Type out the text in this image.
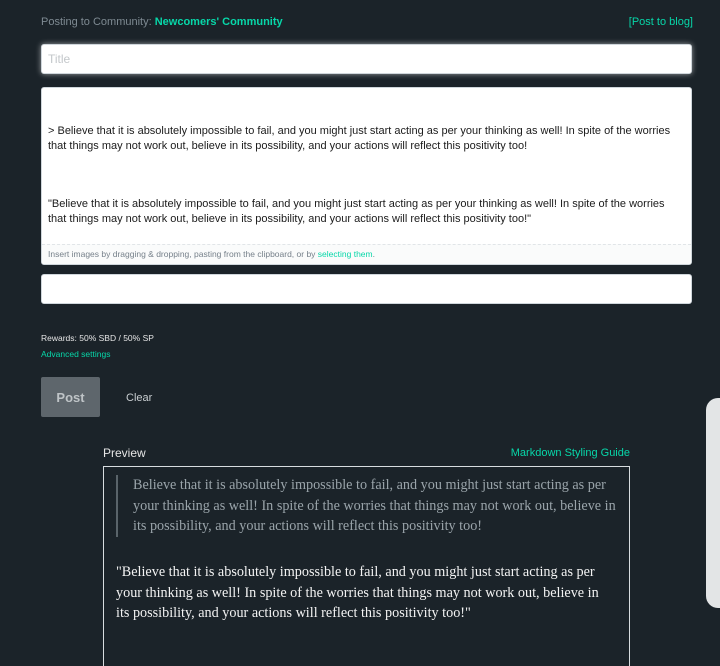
Posting to Community: Newcomers' Community	[Post to blog]
Title

> Believe that it is absolutely impossible to fail, and you might just start acting as per your thinking as well! In spite of the worries that things may not work out, believe in its possibility, and your actions will reflect this positivity too!

"Believe that it is absolutely impossible to fail, and you might just start acting as per your thinking as well! In spite of the worries that things may not work out, believe in its possibility, and your actions will reflect this positivity too!"

Insert images by dragging & dropping, pasting from the clipboard, or by selecting them.
Rewards: 50% SBD / 50% SP
Advanced settings
Post	Clear
Preview	Markdown Styling Guide
Believe that it is absolutely impossible to fail, and you might just start acting as per your thinking as well! In spite of the worries that things may not work out, believe in its possibility, and your actions will reflect this positivity too!
"Believe that it is absolutely impossible to fail, and you might just start acting as per your thinking as well! In spite of the worries that things may not work out, believe in its possibility, and your actions will reflect this positivity too!"
